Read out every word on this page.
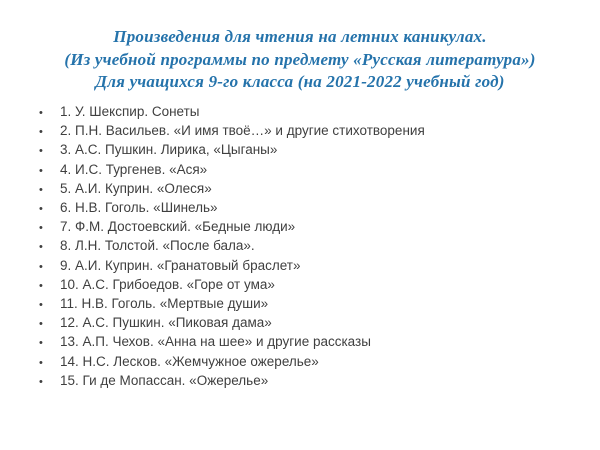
Произведения для чтения на летних каникулах.
(Из учебной программы по предмету «Русская литература»)
Для учащихся 9-го класса (на 2021-2022 учебный год)
•	1. У. Шекспир. Сонеты
•	2. П.Н. Васильев. «И имя твоё…» и другие стихотворения
•	3. А.С. Пушкин. Лирика, «Цыганы»
•	4. И.С. Тургенев. «Ася»
•	5. А.И. Куприн. «Олеся»
•	6. Н.В. Гоголь. «Шинель»
•	7. Ф.М. Достоевский. «Бедные люди»
•	8. Л.Н. Толстой. «После бала».
•	9. А.И. Куприн. «Гранатовый браслет»
•	10. А.С. Грибоедов. «Горе от ума»
•	11. Н.В. Гоголь. «Мертвые души»
•	12. А.С. Пушкин. «Пиковая дама»
•	13. А.П. Чехов. «Анна на шее» и другие рассказы
•	14. Н.С. Лесков. «Жемчужное ожерелье»
•	15. Ги де Мопассан. «Ожерелье»
